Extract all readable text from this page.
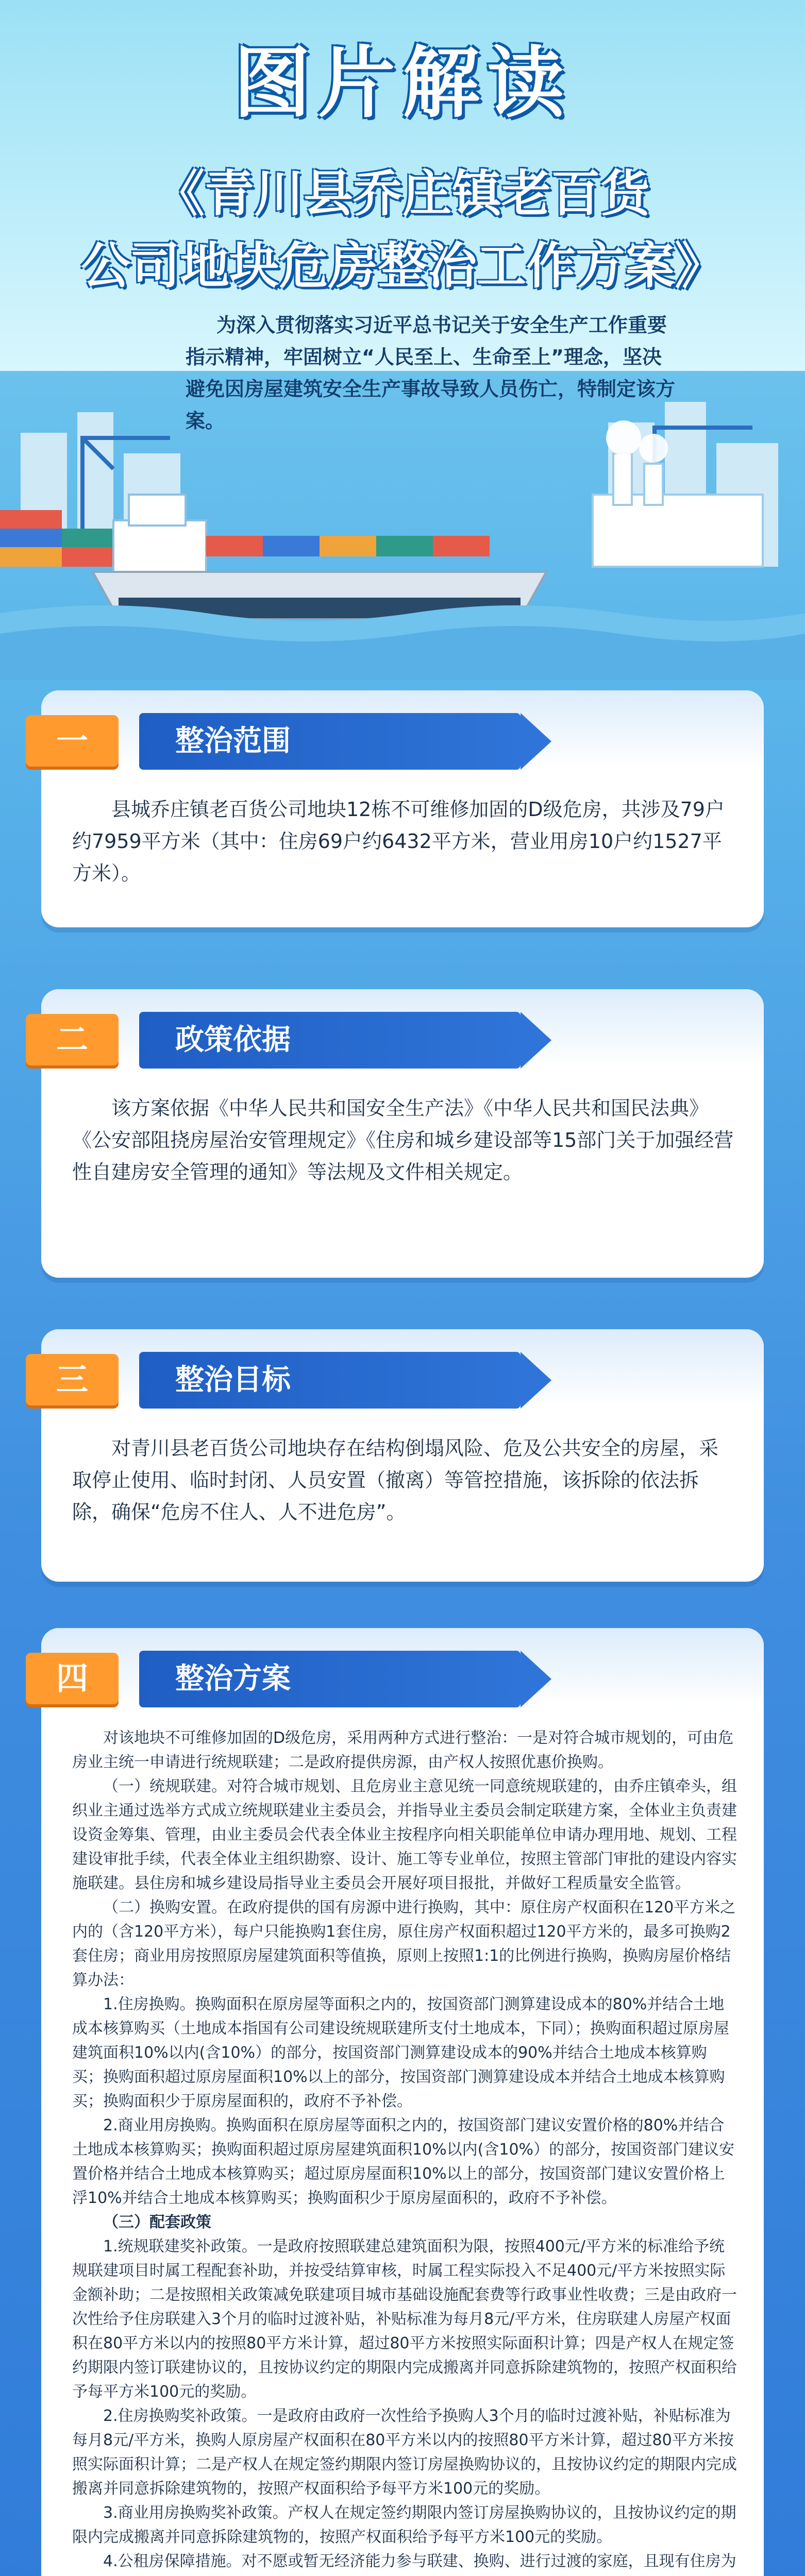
图片解读
《青川县乔庄镇老百货
公司地块危房整治工作方案》

为深入贯彻落实习近平总书记关于安全生产工作重要

指示精神，牢固树立“人民至上、生命至上”理念，坚决

避免因房屋建筑安全生产事故导致人员伤亡，特制定该方案。

一	整治范围

县城乔庄镇老百货公司地块12栋不可维修加固的D级危房，共涉及79户约7959平方米（其中：住房69户约6432平方米，营业用房10户约1527平方米）。

二	政策依据

该方案依据《中华人民共和国安全生产法》《中华人民共和国民法典》《公安部阻挠房屋治安管理规定》《住房和城乡建设部等15部门关于加强经营性自建房安全管理的通知》等法规及文件相关规定。

三	整治目标

对青川县老百货公司地块存在结构倒塌风险、危及公共安全的房屋，采取停止使用、临时封闭、人员安置（撤离）等管控措施，该拆除的依法拆除，确保“危房不住人、人不进危房”。

四	整治方案

对该地块不可维修加固的D级危房，采用两种方式进行整治：一是对符合城市规划的，可由危房业主统一申请进行统规联建；二是政府提供房源，由产权人按照优惠价换购。

（一）统规联建。对符合城市规划、且危房业主意见统一同意统规联建的，由乔庄镇牵头，组织业主通过选举方式成立统规联建业主委员会，并指导业主委员会制定联建方案，全体业主负责建设资金筹集、管理，由业主委员会代表全体业主按程序向相关职能单位申请办理用地、规划、工程建设审批手续，代表全体业主组织勘察、设计、施工等专业单位，按照主管部门审批的建设内容实施联建。县住房和城乡建设局指导业主委员会开展好项目报批，并做好工程质量安全监管。

（二）换购安置。在政府提供的国有房源中进行换购，其中：原住房产权面积在120平方米之内的（含120平方米），每户只能换购1套住房，原住房产权面积超过120平方米的，最多可换购2套住房；商业用房按照原房屋建筑面积等值换，原则上按照1:1的比例进行换购，换购房屋价格结算办法：

1.住房换购。换购面积在原房屋等面积之内的，按国资部门测算建设成本的80%并结合土地成本核算购买（土地成本指国有公司建设统规联建所支付土地成本，下同）；换购面积超过原房屋建筑面积10%以内(含10%）的部分，按国资部门测算建设成本的90%并结合土地成本核算购买；换购面积超过原房屋面积10%以上的部分，按国资部门测算建设成本并结合土地成本核算购买；换购面积少于原房屋面积的，政府不予补偿。

2.商业用房换购。换购面积在原房屋等面积之内的，按国资部门建议安置价格的80%并结合土地成本核算购买；换购面积超过原房屋建筑面积10%以内(含10%）的部分，按国资部门建议安置价格并结合土地成本核算购买；超过原房屋面积10%以上的部分，按国资部门建议安置价格上浮10%并结合土地成本核算购买；换购面积少于原房屋面积的，政府不予补偿。

（三）配套政策

1.统规联建奖补政策。一是政府按照联建总建筑面积为限，按照400元/平方米的标准给予统规联建项目时属工程配套补助，并按受结算审核，时属工程实际投入不足400元/平方米按照实际金额补助；二是按照相关政策减免联建项目城市基础设施配套费等行政事业性收费；三是由政府一次性给予住房联建入3个月的临时过渡补贴，补贴标准为每月8元/平方米，住房联建人房屋产权面积在80平方米以内的按照80平方米计算，超过80平方米按照实际面积计算；四是产权人在规定签约期限内签订联建协议的，且按协议约定的期限内完成搬离并同意拆除建筑物的，按照产权面积给予每平方米100元的奖励。

2.住房换购奖补政策。一是政府由政府一次性给予换购人3个月的临时过渡补贴，补贴标准为每月8元/平方米，换购人原房屋产权面积在80平方米以内的按照80平方米计算，超过80平方米按照实际面积计算；二是产权人在规定签约期限内签订房屋换购协议的，且按协议约定的期限内完成搬离并同意拆除建筑物的，按照产权面积给予每平方米100元的奖励。

3.商业用房换购奖补政策。产权人在规定签约期限内签订房屋换购协议的，且按协议约定的期限内完成搬离并同意拆除建筑物的，按照产权面积给予每平方米100元的奖励。

4.公租房保障措施。对不愿或暂无经济能力参与联建、换购、进行过渡的家庭，且现有住房为
